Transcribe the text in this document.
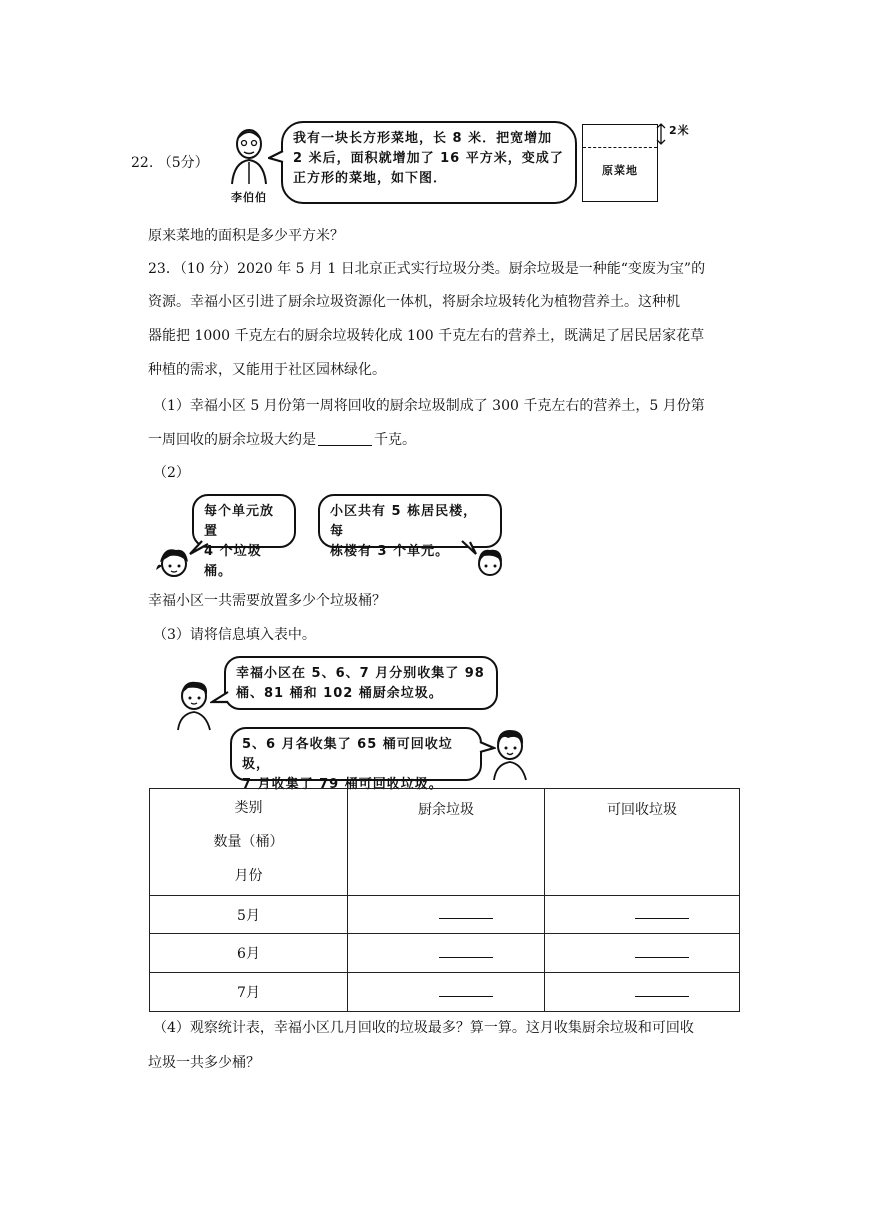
22. （5分）
李伯伯
我有一块长方形菜地，长 8 米．把宽增加
2 米后，面积就增加了 16 平方米，变成了
正方形的菜地，如下图．
原菜地
2米
原来菜地的面积是多少平方米？
23．（10 分）2020 年 5 月 1 日北京正式实行垃圾分类。厨余垃圾是一种能“变废为宝”的
资源。幸福小区引进了厨余垃圾资源化一体机，将厨余垃圾转化为植物营养土。这种机
器能把 1000 千克左右的厨余垃圾转化成 100 千克左右的营养土，既满足了居民居家花草
种植的需求，又能用于社区园林绿化。
（1）幸福小区 5 月份第一周将回收的厨余垃圾制成了 300 千克左右的营养土，5 月份第
一周回收的厨余垃圾大约是	千克。
（2）
每个单元放置
4 个垃圾桶。
小区共有 5 栋居民楼，每
栋楼有 3 个单元。
幸福小区一共需要放置多少个垃圾桶？
（3）请将信息填入表中。
幸福小区在 5、6、7 月分别收集了 98
桶、81 桶和 102 桶厨余垃圾。
5、6 月各收集了 65 桶可回收垃圾，
7 月收集了 79 桶可回收垃圾。
类别
数量（桶）
月份	厨余垃圾	可回收垃圾
5月		
6月		
7月		
（4）观察统计表，幸福小区几月回收的垃圾最多？算一算。这月收集厨余垃圾和可回收
垃圾一共多少桶？
